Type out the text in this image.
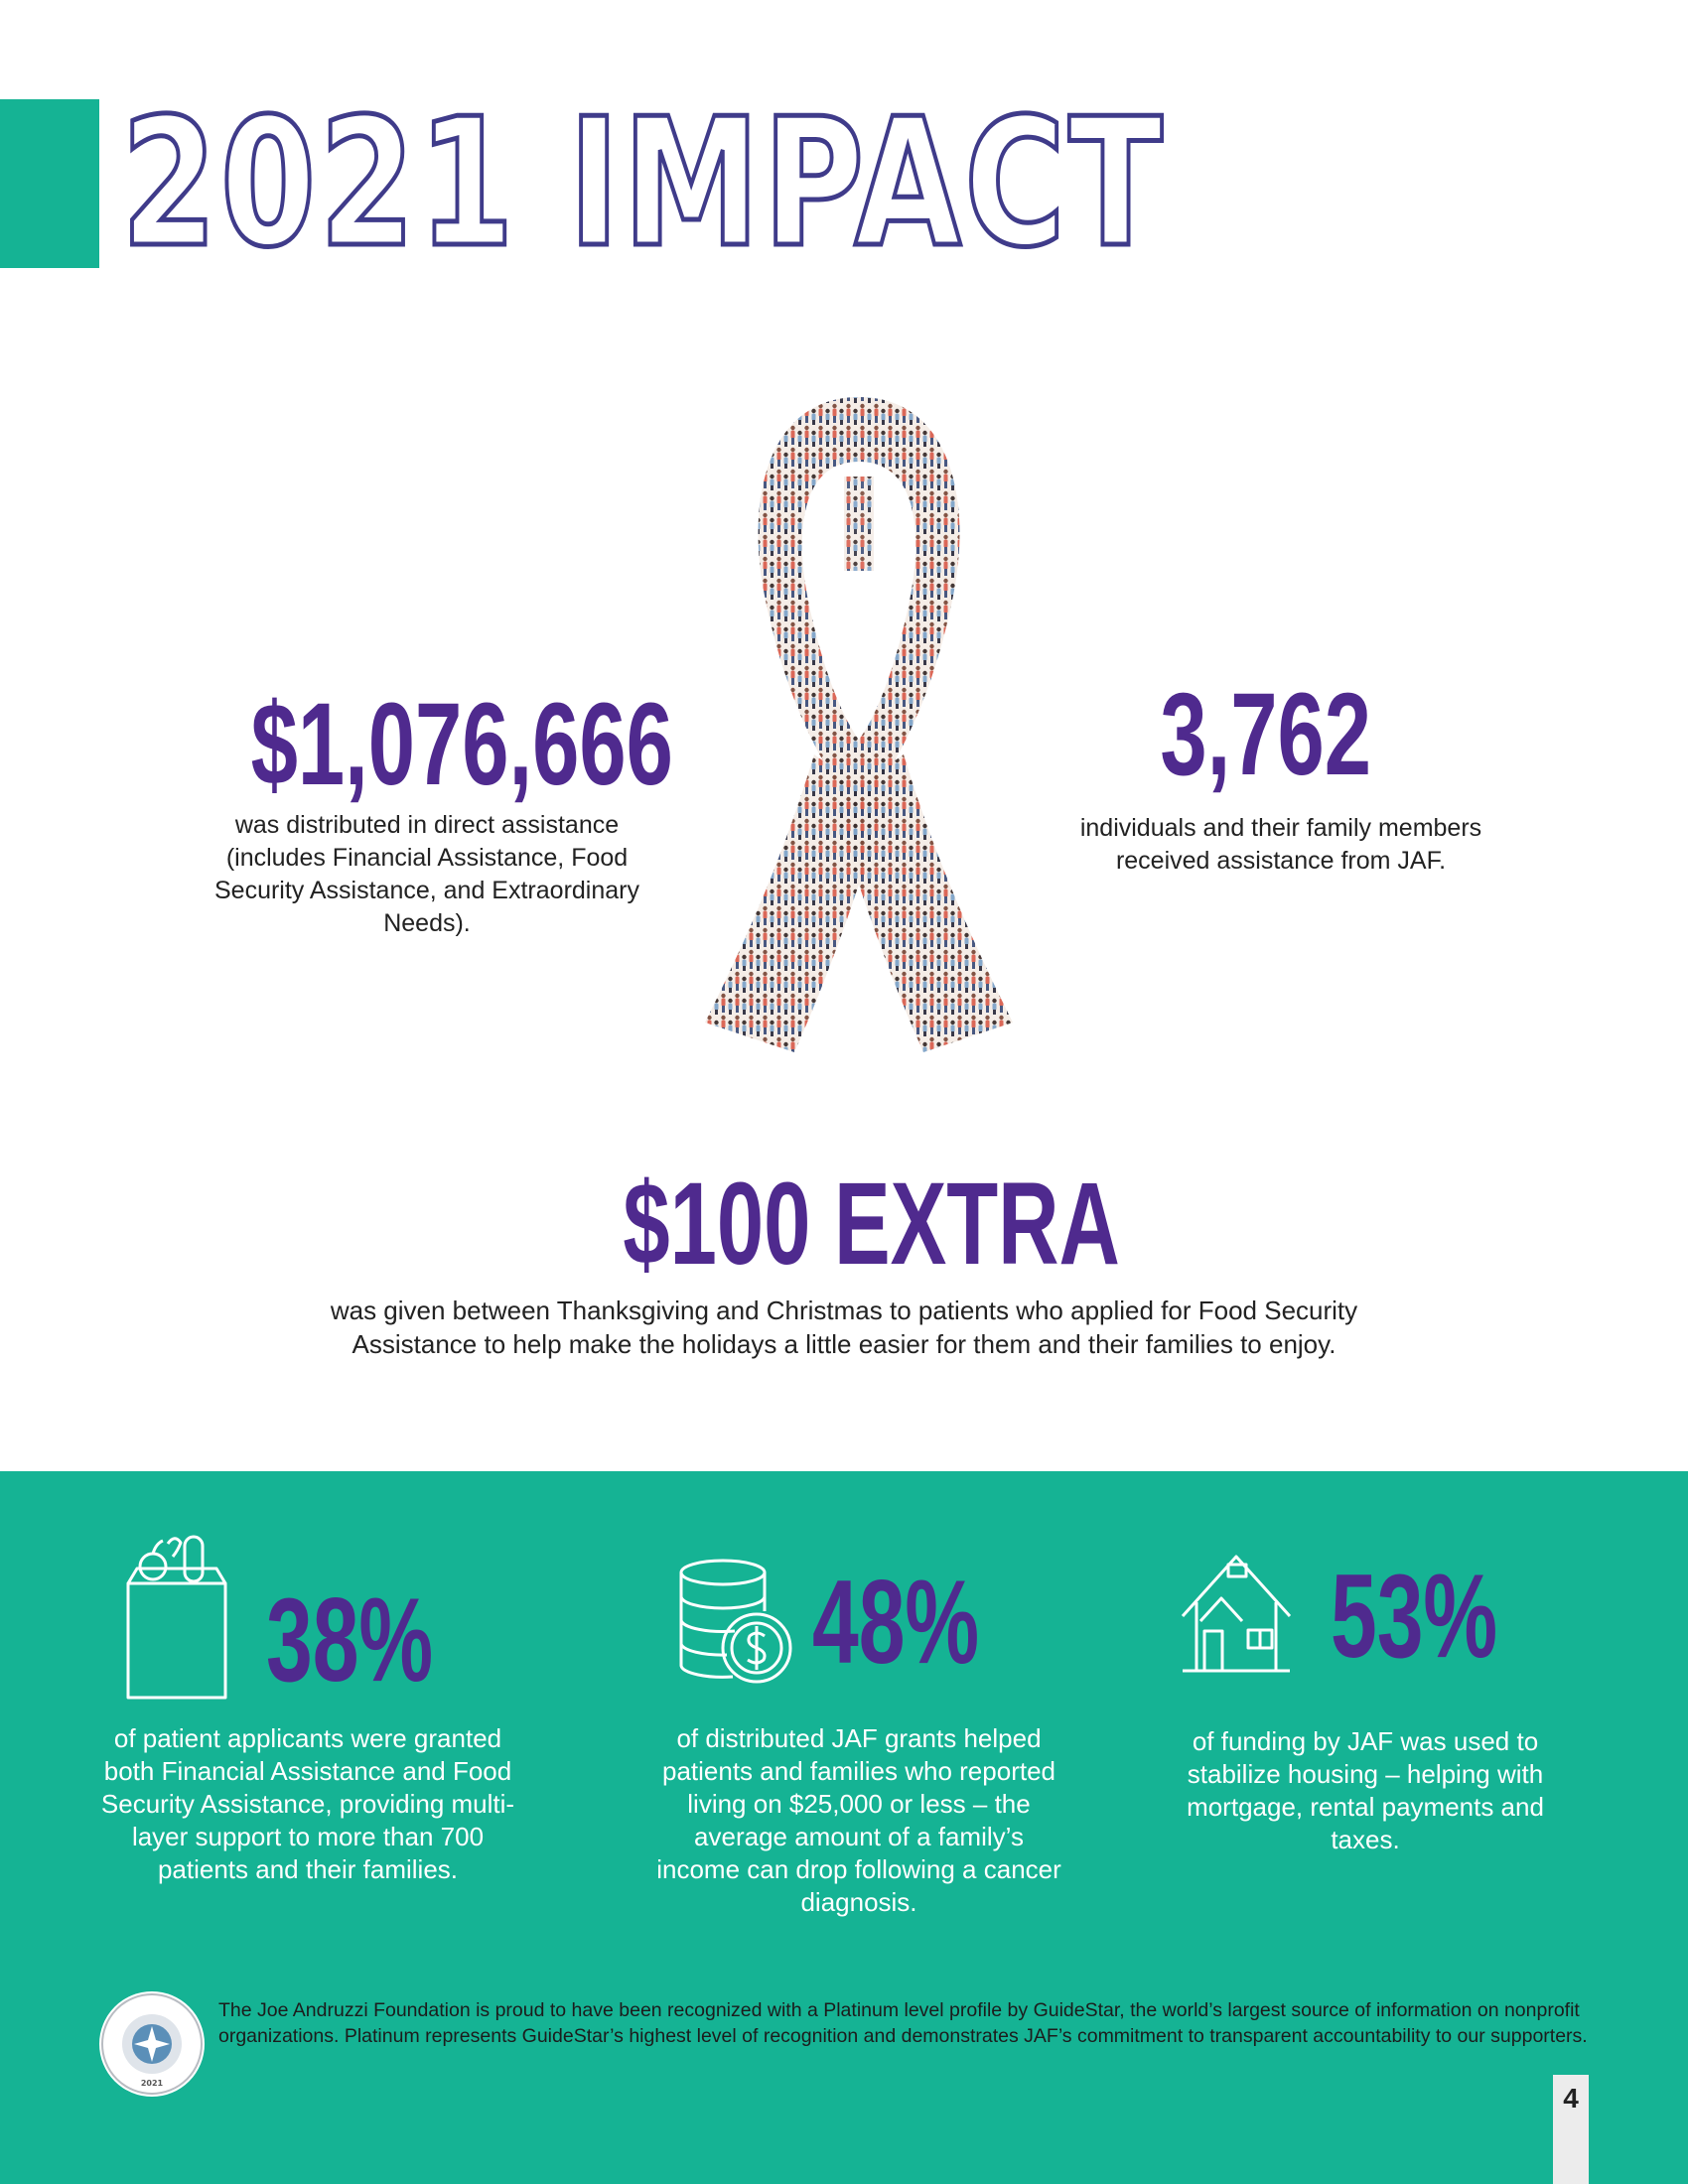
2021 IMPACT

$1,076,666

was distributed in direct assistance (includes Financial Assistance, Food Security Assistance, and Extraordinary Needs).

3,762

individuals and their family members received assistance from JAF.

$100 EXTRA

was given between Thanksgiving and Christmas to patients who applied for Food Security Assistance to help make the holidays a little easier for them and their families to enjoy.

38%

of patient applicants were granted both Financial Assistance and Food Security Assistance, providing multi-layer support to more than 700 patients and their families.

48%

of distributed JAF grants helped patients and families who reported living on $25,000 or less – the average amount of a family’s income can drop following a cancer diagnosis.

53%

of funding by JAF was used to stabilize housing – helping with mortgage, rental payments and taxes.

2021

The Joe Andruzzi Foundation is proud to have been recognized with a Platinum level profile by GuideStar, the world’s largest source of information on nonprofit organizations. Platinum represents GuideStar’s highest level of recognition and demonstrates JAF’s commitment to transparent accountability to our supporters.

4
